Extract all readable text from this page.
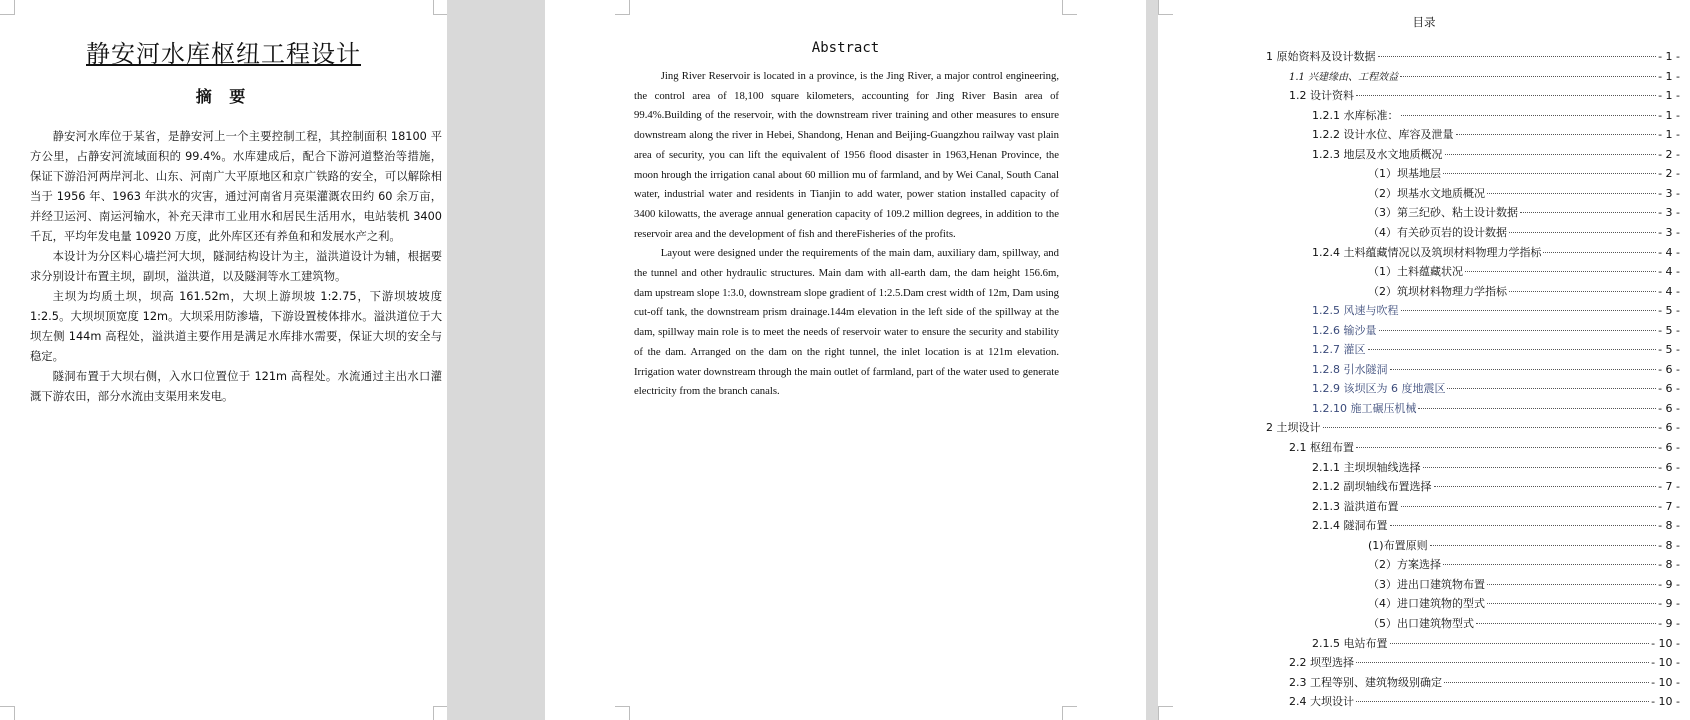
静安河水库枢纽工程设计
摘 要

静安河水库位于某省，是静安河上一个主要控制工程，其控制面积 18100 平方公里，占静安河流域面积的 99.4%。水库建成后，配合下游河道整治等措施，保证下游沿河两岸河北、山东、河南广大平原地区和京广铁路的安全，可以解除相当于 1956 年、1963 年洪水的灾害，通过河南省月亮渠灌溉农田约 60 余万亩，并经卫运河、南运河输水，补充天津市工业用水和居民生活用水，电站装机 3400 千瓦，平均年发电量 10920 万度，此外库区还有养鱼和和发展水产之利。

本设计为分区料心墙拦河大坝，隧洞结构设计为主，溢洪道设计为辅，根据要求分别设计布置主坝，副坝，溢洪道，以及隧洞等水工建筑物。

主坝为均质土坝，坝高 161.52m，大坝上游坝坡 1:2.75，下游坝坡坡度 1:2.5。大坝坝顶宽度 12m。大坝采用防渗墙，下游设置棱体排水。溢洪道位于大坝左侧 144m 高程处，溢洪道主要作用是满足水库排水需要，保证大坝的安全与稳定。

隧洞布置于大坝右侧，入水口位置位于 121m 高程处。水流通过主出水口灌溉下游农田，部分水流由支渠用来发电。

Abstract

Jing River Reservoir is located in a province, is the Jing River, a major control engineering, the control area of 18,100 square kilometers, accounting for Jing River Basin area of 99.4%.Building of the reservoir, with the downstream river training and other measures to ensure downstream along the river in Hebei, Shandong, Henan and Beijing-Guangzhou railway vast plain area of security, you can lift the equivalent of 1956 flood disaster in 1963,Henan Province, the moon hrough the irrigation canal about 60 million mu of farmland, and by Wei Canal, South Canal water, industrial water and residents in Tianjin to add water, power station installed capacity of 3400 kilowatts, the average annual generation capacity of 109.2 million degrees, in addition to the reservoir area and the development of fish and thereFisheries of the profits.

Layout were designed under the requirements of the main dam, auxiliary dam, spillway, and the tunnel and other hydraulic structures. Main dam with all-earth dam, the dam height 156.6m, dam upstream slope 1:3.0, downstream slope gradient of 1:2.5.Dam crest width of 12m, Dam using cut-off tank, the downstream prism drainage.144m elevation in the left side of the spillway at the dam, spillway main role is to meet the needs of reservoir water to ensure the security and stability of the dam. Arranged on the dam on the right tunnel, the inlet location is at 121m elevation. Irrigation water downstream through the main outlet of farmland, part of the water used to generate electricity from the branch canals.

目录
1 原始资料及设计数据	- 1 -
1.1 兴建缘由、工程效益	- 1 -
1.2 设计资料	- 1 -
1.2.1 水库标准：	- 1 -
1.2.2 设计水位、库容及泄量	- 1 -
1.2.3 地层及水文地质概况	- 2 -
（1）坝基地层	- 2 -
（2）坝基水文地质概况	- 3 -
（3）第三纪砂、粘土设计数据	- 3 -
（4）有关砂页岩的设计数据	- 3 -
1.2.4 土料蕴藏情况以及筑坝材料物理力学指标	- 4 -
（1）土料蕴藏状况	- 4 -
（2）筑坝材料物理力学指标	- 4 -
1.2.5 风速与吹程	- 5 -
1.2.6 输沙量	- 5 -
1.2.7 灌区	- 5 -
1.2.8 引水隧洞	- 6 -
1.2.9 该坝区为 6 度地震区	- 6 -
1.2.10 施工碾压机械	- 6 -
2 土坝设计	- 6 -
2.1 枢纽布置	- 6 -
2.1.1 主坝坝轴线选择	- 6 -
2.1.2 副坝轴线布置选择	- 7 -
2.1.3 溢洪道布置	- 7 -
2.1.4 隧洞布置	- 8 -
(1)布置原则	- 8 -
（2）方案选择	- 8 -
（3）进出口建筑物布置	- 9 -
（4）进口建筑物的型式	- 9 -
（5）出口建筑物型式	- 9 -
2.1.5 电站布置	- 10 -
2.2 坝型选择	- 10 -
2.3 工程等别、建筑物级别确定	- 10 -
2.4 大坝设计	- 10 -
